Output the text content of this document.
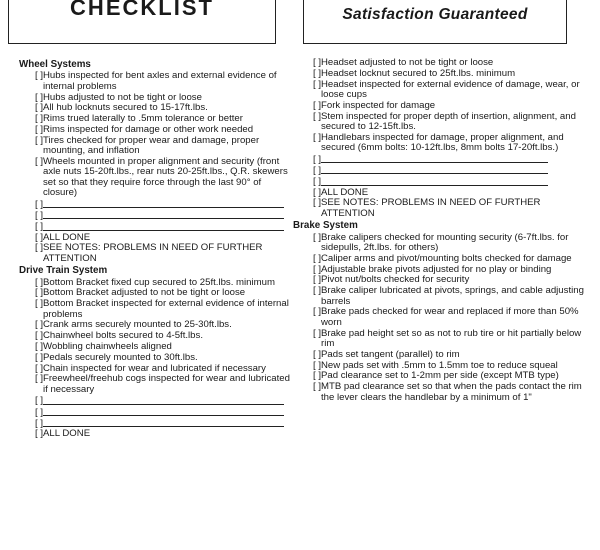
CHECKLIST	Satisfaction Guaranteed
Wheel Systems
[ ] Hubs inspected for bent axles and external evidence of internal problems
[ ] Hubs adjusted to not be tight or loose
[ ] All hub locknuts secured to 15-17ft.lbs.
[ ] Rims trued laterally to .5mm tolerance or better
[ ] Rims inspected for damage or other work needed
[ ] Tires checked for proper wear and damage, proper mounting, and inflation
[ ] Wheels mounted in proper alignment and security (front axle nuts 15-20ft.lbs., rear nuts 20-25ft.lbs., Q.R. skewers set so that they require force through the last 90° of closure)
[ ]
[ ]
[ ]
[ ] ALL DONE
[ ] SEE NOTES: PROBLEMS IN NEED OF FURTHER ATTENTION
Drive Train System
[ ] Bottom Bracket fixed cup secured to 25ft.lbs. minimum
[ ] Bottom Bracket adjusted to not be tight or loose
[ ] Bottom Bracket inspected for external evidence of internal problems
[ ] Crank arms securely mounted to 25-30ft.lbs.
[ ] Chainwheel bolts secured to 4-5ft.lbs.
[ ] Wobbling chainwheels aligned
[ ] Pedals securely mounted to 30ft.lbs.
[ ] Chain inspected for wear and lubricated if necessary
[ ] Freewheel/freehub cogs inspected for wear and lubricated if necessary
[ ]
[ ]
[ ]
[ ] ALL DONE
[ ] Headset adjusted to not be tight or loose
[ ] Headset locknut secured to 25ft.lbs. minimum
[ ] Headset inspected for external evidence of damage, wear, or loose cups
[ ] Fork inspected for damage
[ ] Stem inspected for proper depth of insertion, alignment, and secured to 12-15ft.lbs.
[ ] Handlebars inspected for damage, proper alignment, and secured (6mm bolts: 10-12ft.lbs, 8mm bolts 17-20ft.lbs.)
[ ]
[ ]
[ ]
[ ] ALL DONE
[ ] SEE NOTES: PROBLEMS IN NEED OF FURTHER ATTENTION
Brake System
[ ] Brake calipers checked for mounting security (6-7ft.lbs. for sidepulls, 2ft.lbs. for others)
[ ] Caliper arms and pivot/mounting bolts checked for damage
[ ] Adjustable brake pivots adjusted for no play or binding
[ ] Pivot nut/bolts checked for security
[ ] Brake caliper lubricated at pivots, springs, and cable adjusting barrels
[ ] Brake pads checked for wear and replaced if more than 50% worn
[ ] Brake pad height set so as not to rub tire or hit partially below rim
[ ] Pads set tangent (parallel) to rim
[ ] New pads set with .5mm to 1.5mm toe to reduce squeal
[ ] Pad clearance set to 1-2mm per side (except MTB type)
[ ] MTB pad clearance set so that when the pads contact the rim the lever clears the handlebar by a minimum of 1"
